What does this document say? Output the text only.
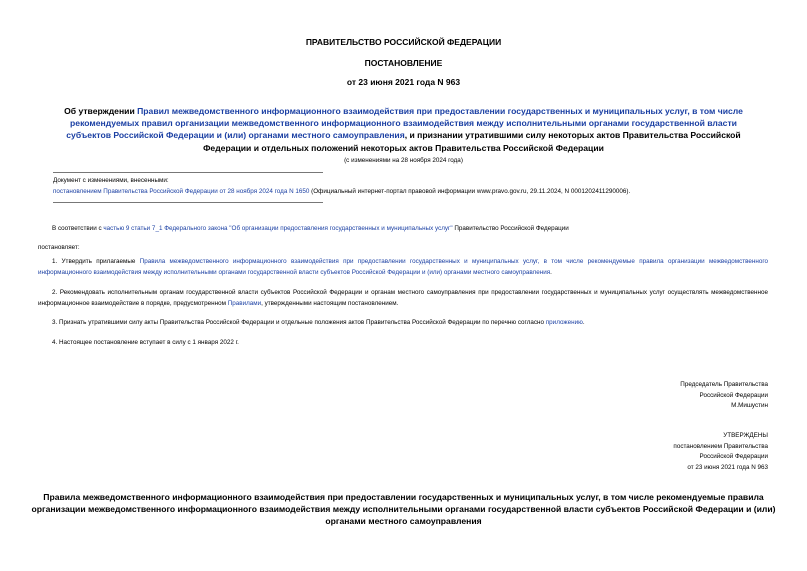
ПРАВИТЕЛЬСТВО РОССИЙСКОЙ ФЕДЕРАЦИИ
ПОСТАНОВЛЕНИЕ
от 23 июня 2021 года N 963
Об утверждении Правил межведомственного информационного взаимодействия при предоставлении государственных и муниципальных услуг, в том числе рекомендуемых правил организации межведомственного информационного взаимодействия между исполнительными органами государственной власти субъектов Российской Федерации и (или) органами местного самоуправления, и признании утратившими силу некоторых актов Правительства Российской Федерации и отдельных положений некоторых актов Правительства Российской Федерации
(с изменениями на 28 ноября 2024 года)
Документ с изменениями, внесенными:
постановлением Правительства Российской Федерации от 28 ноября 2024 года N 1650 (Официальный интернет-портал правовой информации www.pravo.gov.ru, 29.11.2024, N 0001202411290006).
В соответствии с частью 9 статьи 7_1 Федерального закона "Об организации предоставления государственных и муниципальных услуг" Правительство Российской Федерации
постановляет:
1. Утвердить прилагаемые Правила межведомственного информационного взаимодействия при предоставлении государственных и муниципальных услуг, в том числе рекомендуемые правила организации межведомственного информационного взаимодействия между исполнительными органами государственной власти субъектов Российской Федерации и (или) органами местного самоуправления.
2. Рекомендовать исполнительным органам государственной власти субъектов Российской Федерации и органам местного самоуправления при предоставлении государственных и муниципальных услуг осуществлять межведомственное информационное взаимодействие в порядке, предусмотренном Правилами, утвержденными настоящим постановлением.
3. Признать утратившими силу акты Правительства Российской Федерации и отдельные положения актов Правительства Российской Федерации по перечню согласно приложению.
4. Настоящее постановление вступает в силу с 1 января 2022 г.
Председатель Правительства
Российской Федерации
М.Мишустин
УТВЕРЖДЕНЫ
постановлением Правительства
Российской Федерации
от 23 июня 2021 года N 963
Правила межведомственного информационного взаимодействия при предоставлении государственных и муниципальных услуг, в том числе рекомендуемые правила организации межведомственного информационного взаимодействия между исполнительными органами государственной власти субъектов Российской Федерации и (или) органами местного самоуправления
